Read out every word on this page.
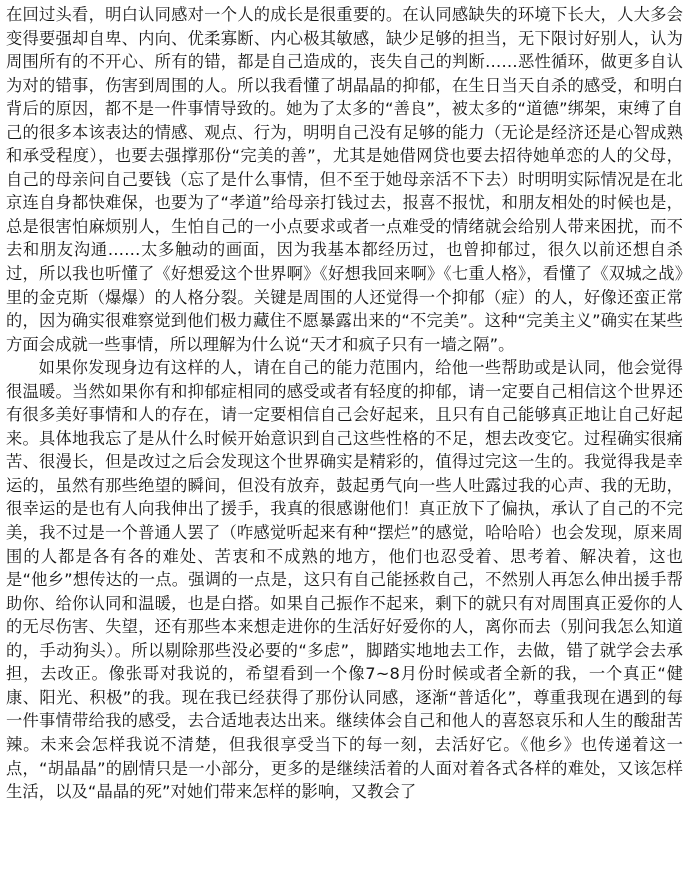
在回过头看，明白认同感对一个人的成长是很重要的。在认同感缺失的环境下长大，人大多会变得要强却自卑、内向、优柔寡断、内心极其敏感，缺少足够的担当，无下限讨好别人，认为周围所有的不开心、所有的错，都是自己造成的，丧失自己的判断……恶性循环，做更多自认为对的错事，伤害到周围的人。所以我看懂了胡晶晶的抑郁，在生日当天自杀的感受，和明白背后的原因，都不是一件事情导致的。她为了太多的“善良”，被太多的“道德”绑架，束缚了自己的很多本该表达的情感、观点、行为，明明自己没有足够的能力（无论是经济还是心智成熟和承受程度），也要去强撑那份“完美的善”，尤其是她借网贷也要去招待她单恋的人的父母，自己的母亲问自己要钱（忘了是什么事情，但不至于她母亲活不下去）时明明实际情况是在北京连自身都快难保，也要为了“孝道”给母亲打钱过去，报喜不报忧，和朋友相处的时候也是，总是很害怕麻烦别人，生怕自己的一小点要求或者一点难受的情绪就会给别人带来困扰，而不去和朋友沟通……太多触动的画面，因为我基本都经历过，也曾抑郁过，很久以前还想自杀过，所以我也听懂了《好想爱这个世界啊》《好想我回来啊》《七重人格》，看懂了《双城之战》里的金克斯（爆爆）的人格分裂。关键是周围的人还觉得一个抑郁（症）的人，好像还蛮正常的，因为确实很难察觉到他们极力藏住不愿暴露出来的“不完美”。这种“完美主义”确实在某些方面会成就一些事情，所以理解为什么说“天才和疯子只有一墙之隔”。

如果你发现身边有这样的人，请在自己的能力范围内，给他一些帮助或是认同，他会觉得很温暖。当然如果你有和抑郁症相同的感受或者有轻度的抑郁，请一定要自己相信这个世界还有很多美好事情和人的存在，请一定要相信自己会好起来，且只有自己能够真正地让自己好起来。具体地我忘了是从什么时候开始意识到自己这些性格的不足，想去改变它。过程确实很痛苦、很漫长，但是改过之后会发现这个世界确实是精彩的，值得过完这一生的。我觉得我是幸运的，虽然有那些绝望的瞬间，但没有放弃，鼓起勇气向一些人吐露过我的心声、我的无助，很幸运的是也有人向我伸出了援手，我真的很感谢他们！真正放下了偏执，承认了自己的不完美，我不过是一个普通人罢了（咋感觉听起来有种“摆烂”的感觉，哈哈哈）也会发现，原来周围的人都是各有各的难处、苦衷和不成熟的地方，他们也忍受着、思考着、解决着，这也是“他乡”想传达的一点。强调的一点是，这只有自己能拯救自己，不然别人再怎么伸出援手帮助你、给你认同和温暖，也是白搭。如果自己振作不起来，剩下的就只有对周围真正爱你的人的无尽伤害、失望，还有那些本来想走进你的生活好好爱你的人，离你而去（别问我怎么知道的，手动狗头）。所以剔除那些没必要的“多虑”，脚踏实地地去工作，去做，错了就学会去承担，去改正。像张哥对我说的，希望看到一个像7~8月份时候或者全新的我，一个真正“健康、阳光、积极”的我。现在我已经获得了那份认同感，逐渐“普适化”，尊重我现在遇到的每一件事情带给我的感受，去合适地表达出来。继续体会自己和他人的喜怒哀乐和人生的酸甜苦辣。未来会怎样我说不清楚，但我很享受当下的每一刻，去活好它。《他乡》也传递着这一点，“胡晶晶”的剧情只是一小部分，更多的是继续活着的人面对着各式各样的难处，又该怎样生活，以及“晶晶的死”对她们带来怎样的影响，又教会了
